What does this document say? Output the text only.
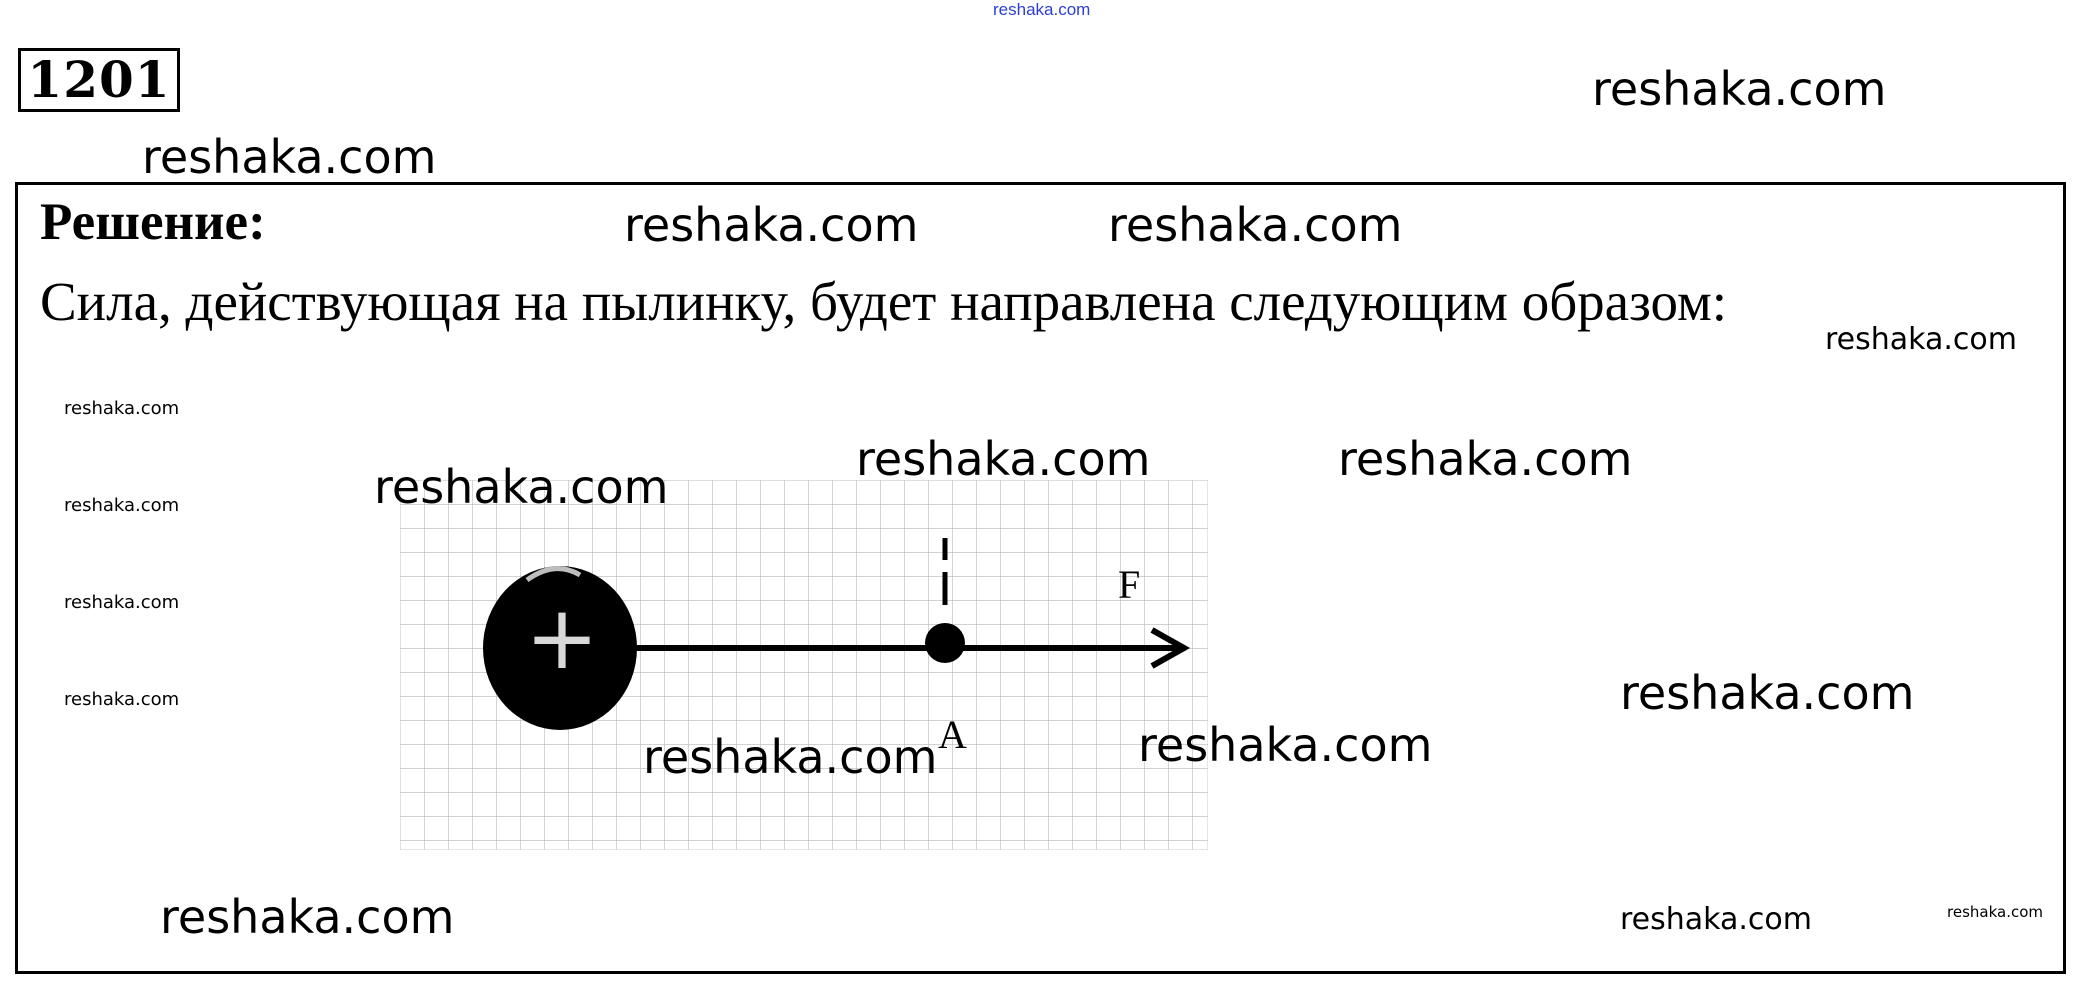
reshaka.com
1201	reshaka.com
reshaka.com
Решение:	reshaka.com	reshaka.com
Сила, действующая на пылинку, будет направлена следующим образом:
reshaka.com
reshaka.com
reshaka.com
reshaka.com
reshaka.com
+
F
A
reshaka.com
reshaka.com	reshaka.com
reshaka.com
reshaka.com	reshaka.com
reshaka.com	reshaka.com	reshaka.com
